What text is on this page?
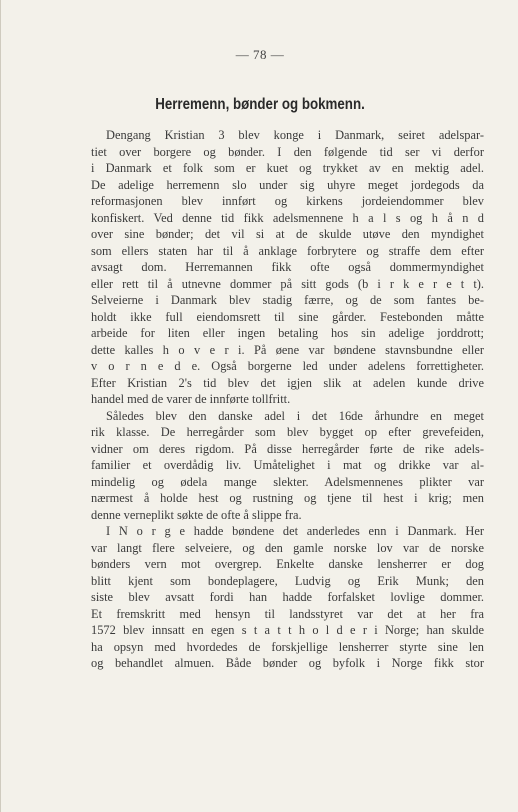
— 78 —
Herremenn, bønder og bokmenn.
Dengang Kristian 3 blev konge i Danmark, seiret adelspar-
tiet over borgere og bønder. I den følgende tid ser vi derfor
i Danmark et folk som er kuet og trykket av en mektig adel.
De adelige herremenn slo under sig uhyre meget jordegods da
reformasjonen blev innført og kirkens jordeiendommer blev
konfiskert. Ved denne tid fikk adelsmennene h a l s og h å n d
over sine bønder; det vil si at de skulde utøve den myndighet
som ellers staten har til å anklage forbrytere og straffe dem efter
avsagt dom. Herremannen fikk ofte også dommermyndighet
eller rett til å utnevne dommer på sitt gods (b i r k e r e t t).
Selveierne i Danmark blev stadig færre, og de som fantes be-
holdt ikke full eiendomsrett til sine gårder. Festebonden måtte
arbeide for liten eller ingen betaling hos sin adelige jorddrott;
dette kalles h o v e r i. På øene var bøndene stavnsbundne eller
v o r n e d e. Også borgerne led under adelens forrettigheter.
Efter Kristian 2's tid blev det igjen slik at adelen kunde drive
handel med de varer de innførte tollfritt.
Således blev den danske adel i det 16de århundre en meget
rik klasse. De herregårder som blev bygget op efter grevefeiden,
vidner om deres rigdom. På disse herregårder førte de rike adels-
familier et overdådig liv. Umåtelighet i mat og drikke var al-
mindelig og ødela mange slekter. Adelsmennenes plikter var
nærmest å holde hest og rustning og tjene til hest i krig; men
denne verneplikt søkte de ofte å slippe fra.
I N o r g e hadde bøndene det anderledes enn i Danmark. Her
var langt flere selveiere, og den gamle norske lov var de norske
bønders vern mot overgrep. Enkelte danske lensherrer er dog
blitt kjent som bondeplagere, Ludvig og Erik Munk; den
siste blev avsatt fordi han hadde forfalsket lovlige dommer.
Et fremskritt med hensyn til landsstyret var det at her fra
1572 blev innsatt en egen s t a t t h o l d e r i Norge; han skulde
ha opsyn med hvordedes de forskjellige lensherrer styrte sine len
og behandlet almuen. Både bønder og byfolk i Norge fikk stor
